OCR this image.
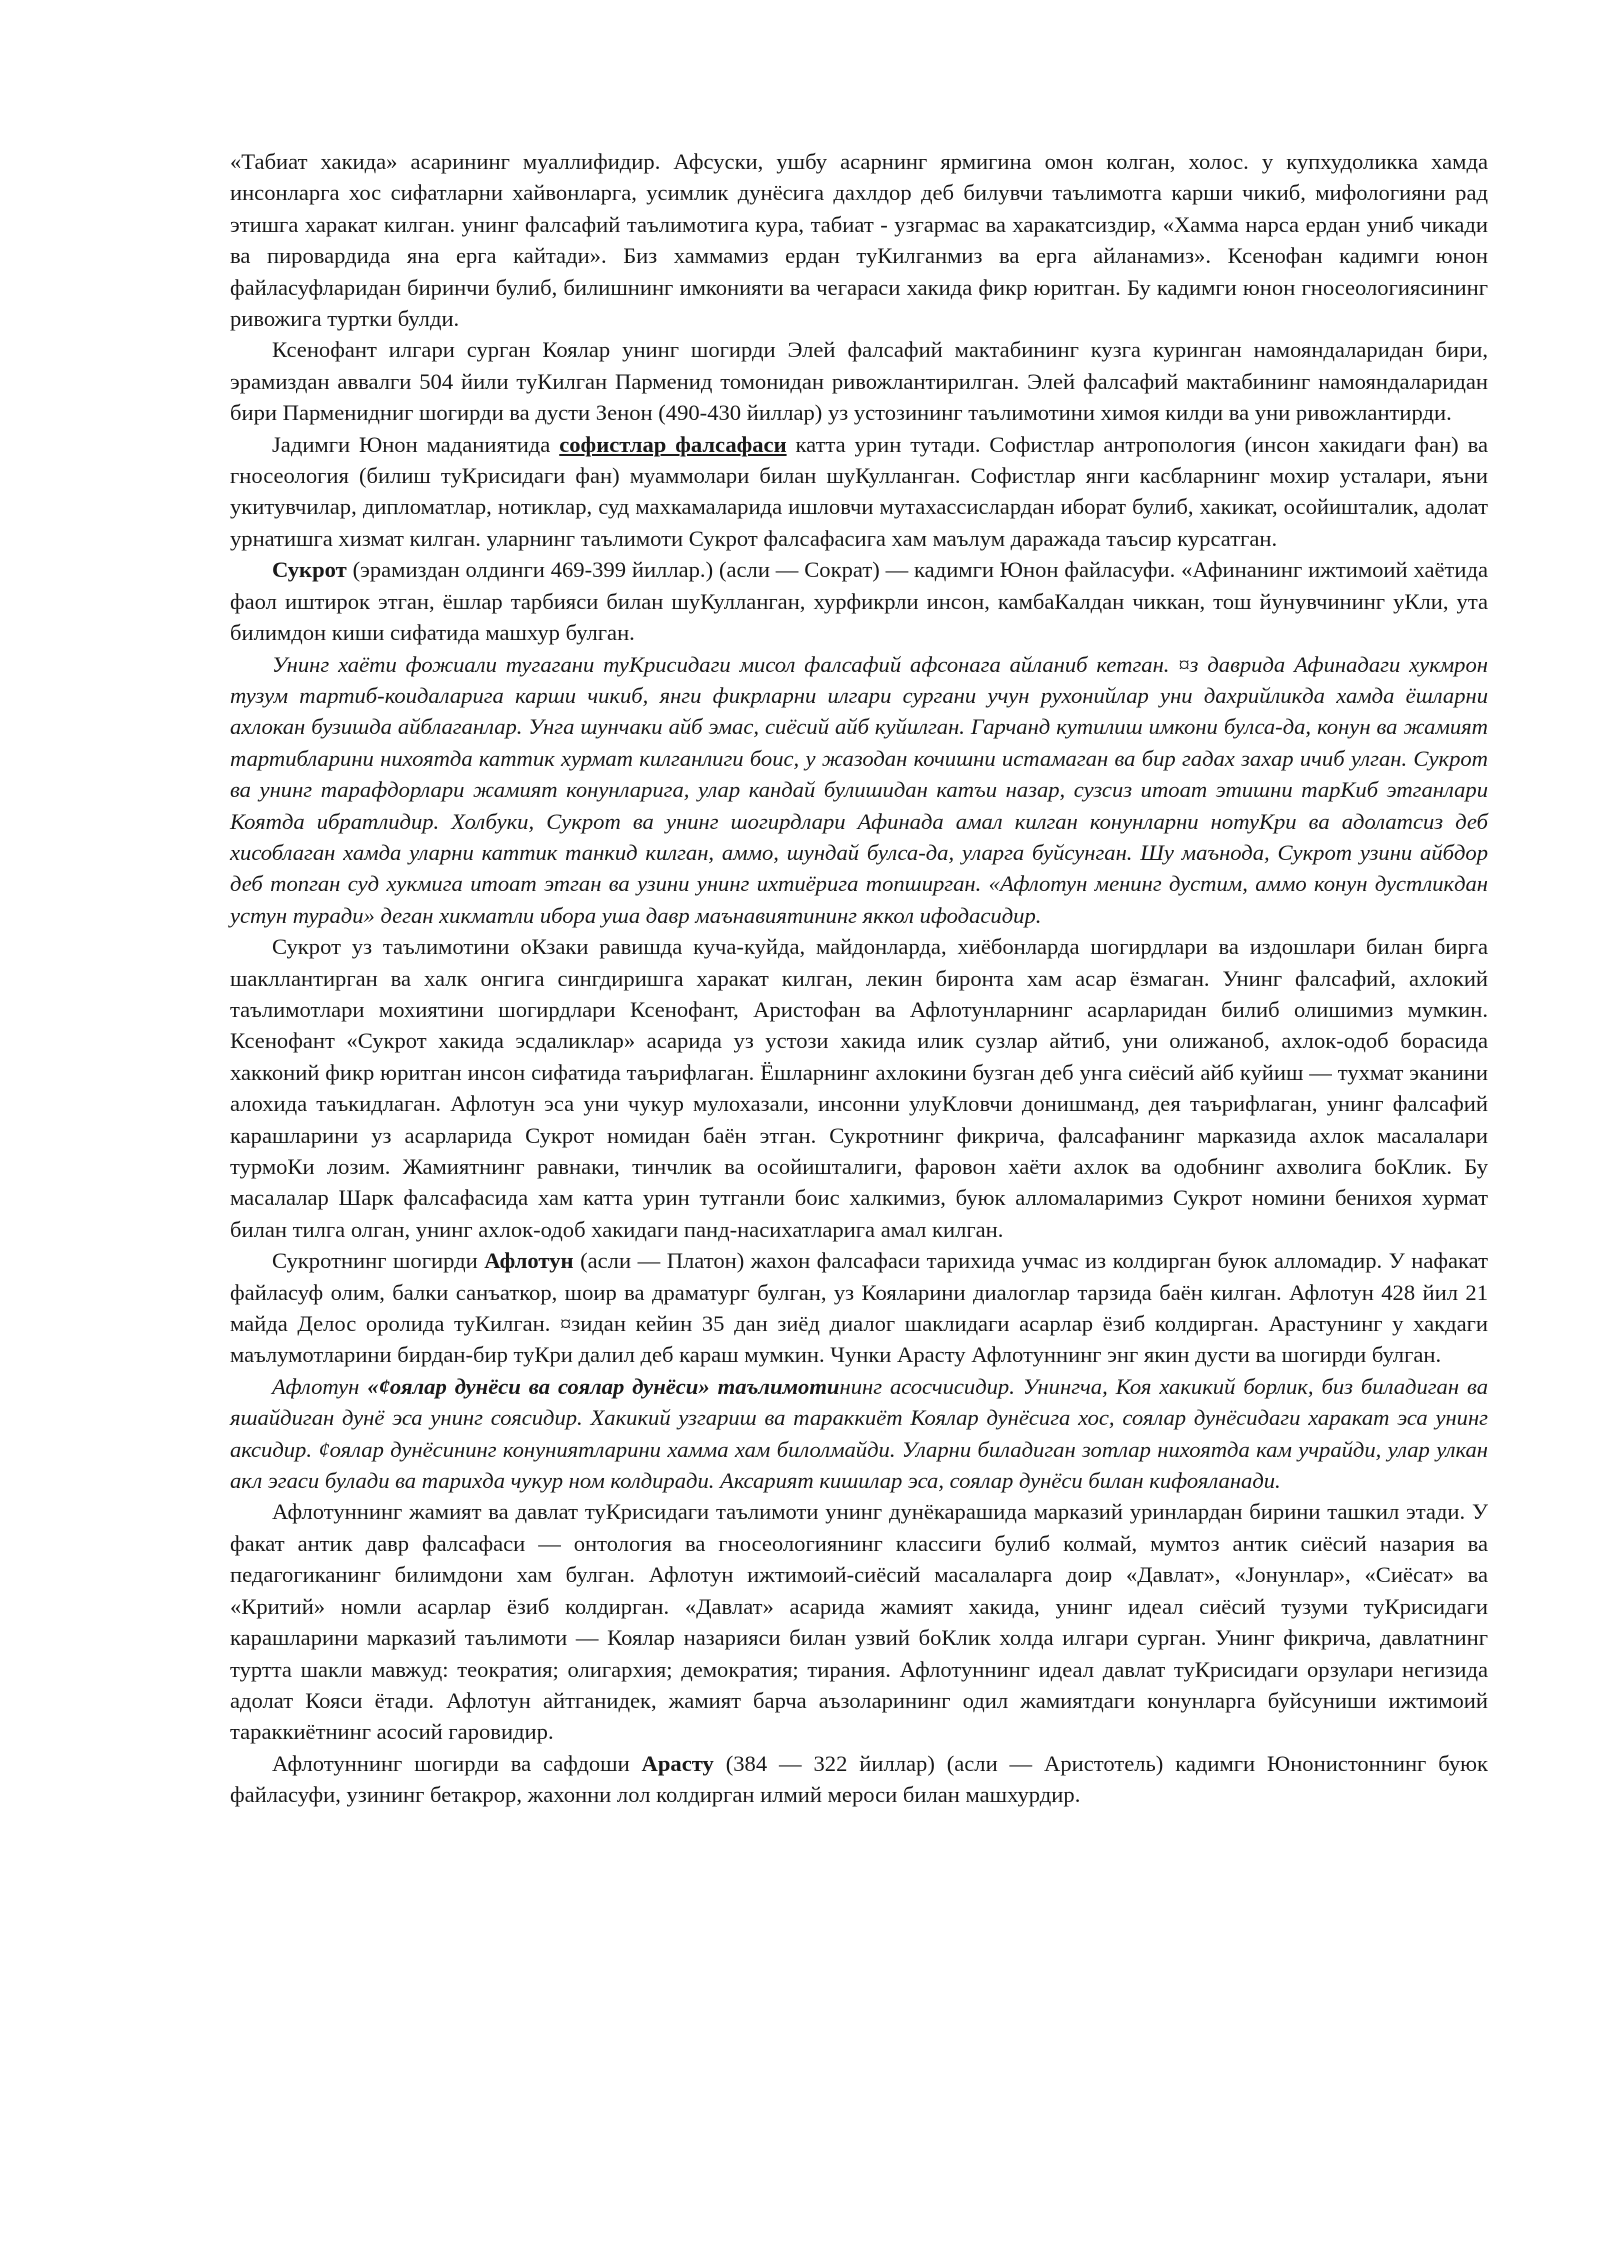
«Табиат хакида» асарининг муаллифидир. Афсуски, ушбу асарнинг ярмигина омон колган, холос. у купхудоликка хамда инсонларга хос сифатларни хайвонларга, усимлик дунёсига дахлдор деб билувчи таълимотга карши чикиб, мифологияни рад этишга харакат килган. унинг фалсафий таълимотига кура, табиат - узгармас ва харакатсиздир, «Хамма нарса ердан униб чикади ва пировардида яна ерга кайтади». Биз хаммамиз ердан туКилганмиз ва ерга айланамиз». Ксенофан кадимги юнон файласуфларидан биринчи булиб, билишнинг имконияти ва чегараси хакида фикр юритган. Бу кадимги юнон гносеологиясининг ривожига туртки булди.

Ксенофант илгари сурган Коялар унинг шогирди Элей фалсафий мактабининг кузга куринган намояндаларидан бири, эрамиздан аввалги 504 йили туКилган Парменид томонидан ривожлантирилган. Элей фалсафий мактабининг намояндаларидан бири Парменидниг шогирди ва дусти Зенон (490-430 йиллар) уз устозининг таълимотини химоя килди ва уни ривожлантирди.

Јадимги Юнон маданиятида софистлар фалсафаси катта урин тутади. Софистлар антропология (инсон хакидаги фан) ва гносеология (билиш туКрисидаги фан) муаммолари билан шуКулланган. Софистлар янги касбларнинг мохир усталари, яъни укитувчилар, дипломатлар, нотиклар, суд махкамаларида ишловчи мутахассислардан иборат булиб, хакикат, осойишталик, адолат урнатишга хизмат килган. уларнинг таълимоти Сукрот фалсафасига хам маълум даражада таъсир курсатган.

Сукрот (эрамиздан олдинги 469-399 йиллар.) (асли — Сократ) — кадимги Юнон файласуфи. «Афинанинг ижтимоий хаётида фаол иштирок этган, ёшлар тарбияси билан шуКулланган, хурфикрли инсон, камбаКалдан чиккан, тош йунувчининг уКли, ута билимдон киши сифатида машхур булган.

Унинг хаёти фожиали тугагани туКрисидаги мисол фалсафий афсонага айланиб кетган. ¤з даврида Афинадаги хукмрон тузум тартиб-коидаларига карши чикиб, янги фикрларни илгари сургани учун рухонийлар уни дахрийликда хамда ёшларни ахлокан бузишда айблаганлар. Унга шунчаки айб эмас, сиёсий айб куйилган. Гарчанд кутилиш имкони булса-да, конун ва жамият тартибларини нихоятда каттик хурмат килганлиги боис, у жазодан кочишни истамаган ва бир гадах захар ичиб улган. Сукрот ва унинг тарафдорлари жамият конунларига, улар кандай булишидан катъи назар, сузсиз итоат этишни тарКиб этганлари Коятда ибратлидир. Холбуки, Сукрот ва унинг шогирдлари Афинада амал килган конунларни нотуКри ва адолатсиз деб хисоблаган хамда уларни каттик танкид килган, аммо, шундай булса-да, уларга буйсунган. Шу маънода, Сукрот узини айбдор деб топган суд хукмига итоат этган ва узини унинг ихтиёрига топширган. «Афлотун менинг дустим, аммо конун дустликдан устун туради» деган хикматли ибора уша давр маънавиятининг яккол ифодасидир.

Сукрот уз таълимотини оКзаки равишда куча-куйда, майдонларда, хиёбонларда шогирдлари ва издошлари билан бирга шакллантирган ва халк онгига сингдиришга харакат килган, лекин биронта хам асар ёзмаган. Унинг фалсафий, ахлокий таълимотлари мохиятини шогирдлари Ксенофант, Аристофан ва Афлотунларнинг асарларидан билиб олишимиз мумкин. Ксенофант «Сукрот хакида эсдаликлар» асарида уз устози хакида илик сузлар айтиб, уни олижаноб, ахлок-одоб борасида хакконий фикр юритган инсон сифатида таърифлаган. Ёшларнинг ахлокини бузган деб унга сиёсий айб куйиш — тухмат эканини алохида таъкидлаган. Афлотун эса уни чукур мулохазали, инсонни улуКловчи донишманд, дея таърифлаган, унинг фалсафий карашларини уз асарларида Сукрот номидан баён этган. Сукротнинг фикрича, фалсафанинг марказида ахлок масалалари турмоКи лозим. Жамиятнинг равнаки, тинчлик ва осойишталиги, фаровон хаёти ахлок ва одобнинг ахволига боКлик. Бу масалалар Шарк фалсафасида хам катта урин тутганли боис халкимиз, буюк алломаларимиз Сукрот номини бенихоя хурмат билан тилга олган, унинг ахлок-одоб хакидаги панд-насихатларига амал килган.

Сукротнинг шогирди Афлотун (асли — Платон) жахон фалсафаси тарихида учмас из колдирган буюк алломадир. У нафакат файласуф олим, балки санъаткор, шоир ва драматург булган, уз Кояларини диалоглар тарзида баён килган. Афлотун 428 йил 21 майда Делос оролида туКилган. ¤зидан кейин 35 дан зиёд диалог шаклидаги асарлар ёзиб колдирган. Арастунинг у хакдаги маълумотларини бирдан-бир туКри далил деб караш мумкин. Чунки Арасту Афлотуннинг энг якин дусти ва шогирди булган.

Афлотун «¢оялар дунёси ва соялар дунёси» таълимотининг асосчисидир. Унингча, Коя хакикий борлик, биз биладиган ва яшайдиган дунё эса унинг соясидир. Хакикий узгариш ва тараккиёт Коялар дунёсига хос, соялар дунёсидаги харакат эса унинг аксидир. ¢оялар дунёсининг конуниятларини хамма хам билолмайди. Уларни биладиган зотлар нихоятда кам учрайди, улар улкан акл эгаси булади ва тарихда чукур ном колдиради. Аксарият кишилар эса, соялар дунёси билан кифояланади.

Афлотуннинг жамият ва давлат туКрисидаги таълимоти унинг дунёкарашида марказий уринлардан бирини ташкил этади. У факат антик давр фалсафаси — онтология ва гносеологиянинг классиги булиб колмай, мумтоз антик сиёсий назария ва педагогиканинг билимдони хам булган. Афлотун ижтимоий-сиёсий масалаларга доир «Давлат», «Јонунлар», «Сиёсат» ва «Критий» номли асарлар ёзиб колдирган. «Давлат» асарида жамият хакида, унинг идеал сиёсий тузуми туКрисидаги карашларини марказий таълимоти — Коялар назарияси билан узвий боКлик холда илгари сурган. Унинг фикрича, давлатнинг туртта шакли мавжуд: теократия; олигархия; демократия; тирания. Афлотуннинг идеал давлат туКрисидаги орзулари негизида адолат Кояси ётади. Афлотун айтганидек, жамият барча аъзоларининг одил жамиятдаги конунларга буйсуниши ижтимоий тараккиётнинг асосий гаровидир.

Афлотуннинг шогирди ва сафдоши Арасту (384 — 322 йиллар) (асли — Аристотель) кадимги Юнонистоннинг буюк файласуфи, узининг бетакрор, жахонни лол колдирган илмий мероси билан машхурдир.
